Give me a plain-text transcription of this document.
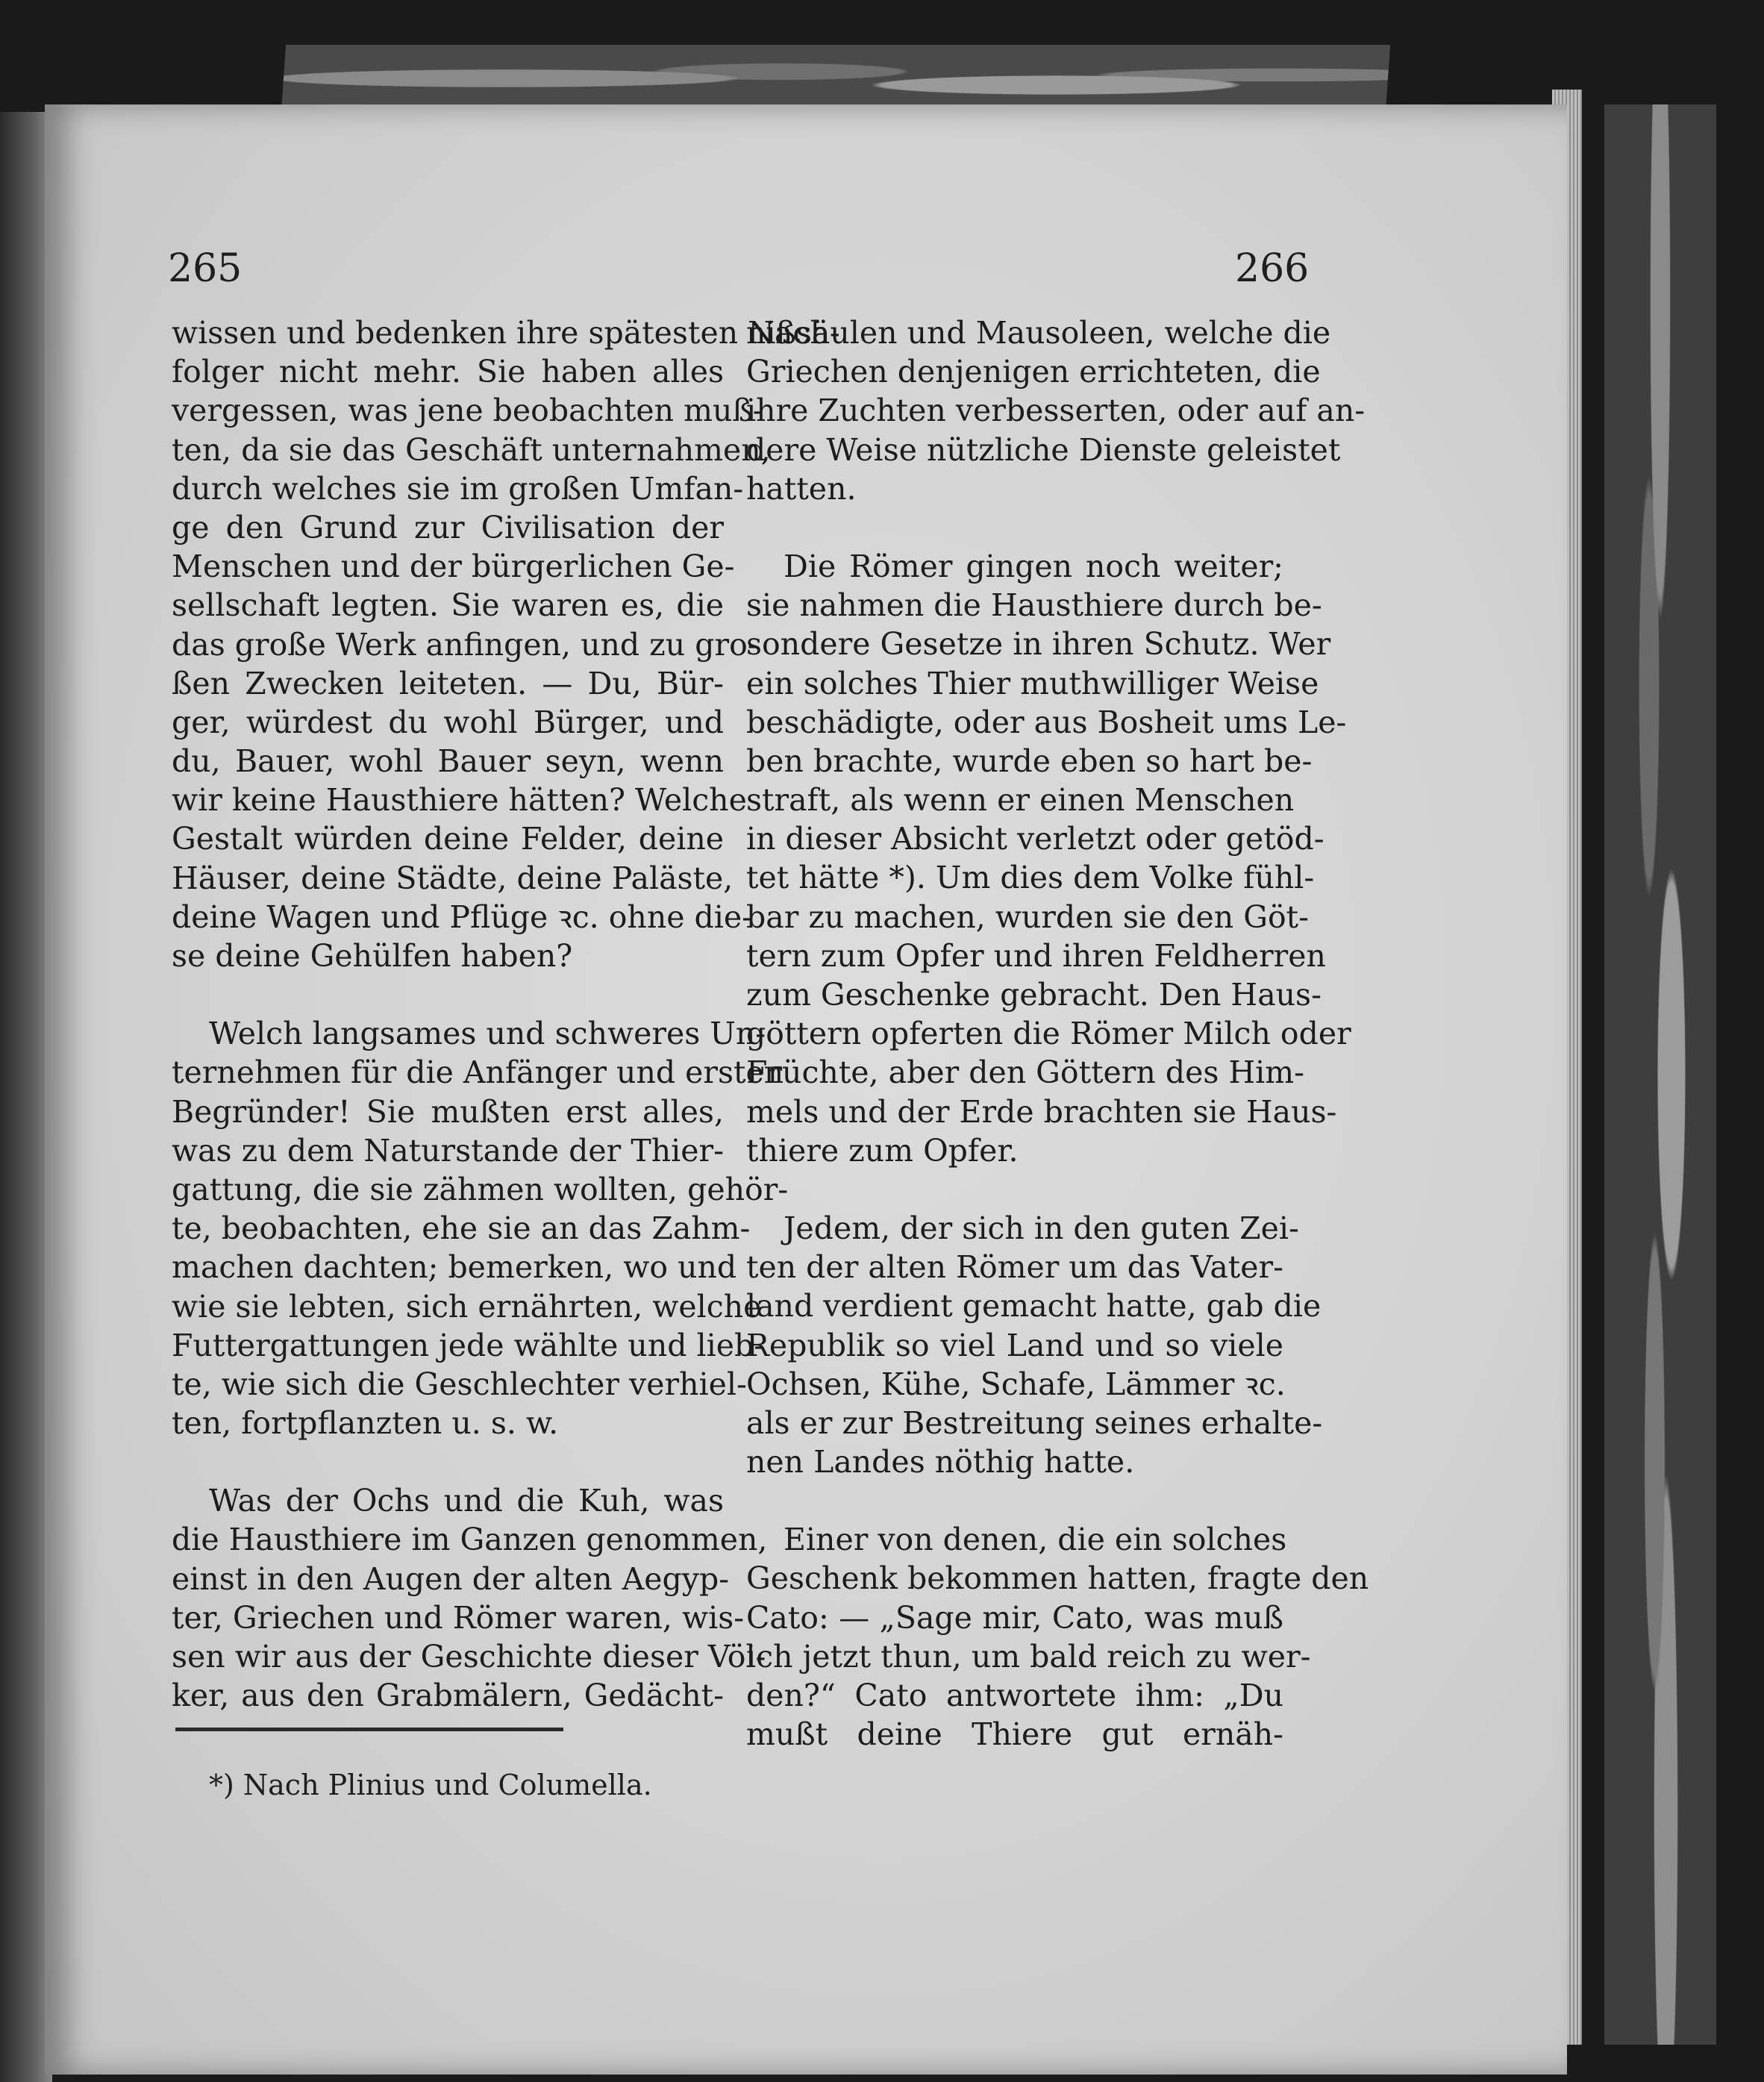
265	266
wissen und bedenken ihre spätesten Nach-
folger nicht mehr. Sie haben alles
vergessen, was jene beobachten muß-
ten, da sie das Geschäft unternahmen,
durch welches sie im großen Umfan-
ge den Grund zur Civilisation der
Menschen und der bürgerlichen Ge-
sellschaft legten. Sie waren es, die
das große Werk anfingen, und zu gro-
ßen Zwecken leiteten. — Du, Bür-
ger, würdest du wohl Bürger, und
du, Bauer, wohl Bauer seyn, wenn
wir keine Hausthiere hätten? Welche
Gestalt würden deine Felder, deine
Häuser, deine Städte, deine Paläste,
deine Wagen und Pflüge ꝛc. ohne die-
se deine Gehülfen haben?
Welch langsames und schweres Un-
ternehmen für die Anfänger und ersten
Begründer! Sie mußten erst alles,
was zu dem Naturstande der Thier-
gattung, die sie zähmen wollten, gehör-
te, beobachten, ehe sie an das Zahm-
machen dachten; bemerken, wo und
wie sie lebten, sich ernährten, welche
Futtergattungen jede wählte und lieb-
te, wie sich die Geschlechter verhiel-
ten, fortpflanzten u. s. w.
Was der Ochs und die Kuh, was
die Hausthiere im Ganzen genommen,
einst in den Augen der alten Aegyp-
ter, Griechen und Römer waren, wis-
sen wir aus der Geschichte dieser Völ-
ker, aus den Grabmälern, Gedächt-
nißsäulen und Mausoleen, welche die
Griechen denjenigen errichteten, die
ihre Zuchten verbesserten, oder auf an-
dere Weise nützliche Dienste geleistet
hatten.
Die Römer gingen noch weiter;
sie nahmen die Hausthiere durch be-
sondere Gesetze in ihren Schutz. Wer
ein solches Thier muthwilliger Weise
beschädigte, oder aus Bosheit ums Le-
ben brachte, wurde eben so hart be-
straft, als wenn er einen Menschen
in dieser Absicht verletzt oder getöd-
tet hätte *). Um dies dem Volke fühl-
bar zu machen, wurden sie den Göt-
tern zum Opfer und ihren Feldherren
zum Geschenke gebracht. Den Haus-
göttern opferten die Römer Milch oder
Früchte, aber den Göttern des Him-
mels und der Erde brachten sie Haus-
thiere zum Opfer.
Jedem, der sich in den guten Zei-
ten der alten Römer um das Vater-
land verdient gemacht hatte, gab die
Republik so viel Land und so viele
Ochsen, Kühe, Schafe, Lämmer ꝛc.
als er zur Bestreitung seines erhalte-
nen Landes nöthig hatte.
Einer von denen, die ein solches
Geschenk bekommen hatten, fragte den
Cato: — „Sage mir, Cato, was muß
ich jetzt thun, um bald reich zu wer-
den?“ Cato antwortete ihm: „Du
mußt deine Thiere gut ernäh-
*) Nach Plinius und Columella.
